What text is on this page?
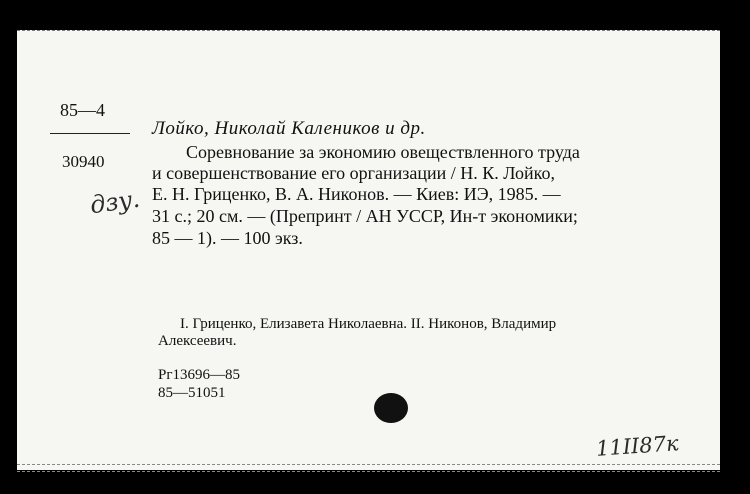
85—4
30940
дзу.
Лойко, Николай Калеников и др.
Соревнование за экономию овеществленного труда
и совершенствование его организации / Н. К. Лойко,
Е. Н. Гриценко, В. А. Никонов. — Киев: ИЭ, 1985. —
31 с.; 20 см. — (Препринт / АН УССР, Ин-т экономики;
85 — 1). — 100 экз.
I. Гриценко, Елизавета Николаевна. II. Никонов, Владимир
Алексеевич.
Рг13696—85
85—51051
11II87к
